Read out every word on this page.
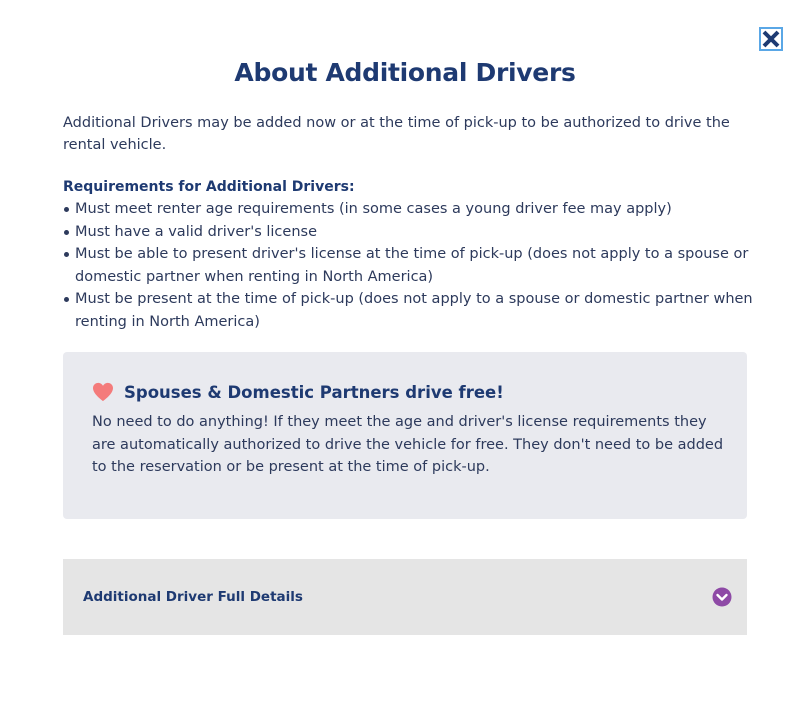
About Additional Drivers

Additional Drivers may be added now or at the time of pick-up to be authorized to drive the rental vehicle.

Requirements for Additional Drivers:
Must meet renter age requirements (in some cases a young driver fee may apply)
Must have a valid driver's license
Must be able to present driver's license at the time of pick-up (does not apply to a spouse or domestic partner when renting in North America)
Must be present at the time of pick-up (does not apply to a spouse or domestic partner when renting in North America)
Spouses & Domestic Partners drive free!

No need to do anything! If they meet the age and driver's license requirements they are automatically authorized to drive the vehicle for free. They don't need to be added to the reservation or be present at the time of pick-up.

Additional Driver Full Details
